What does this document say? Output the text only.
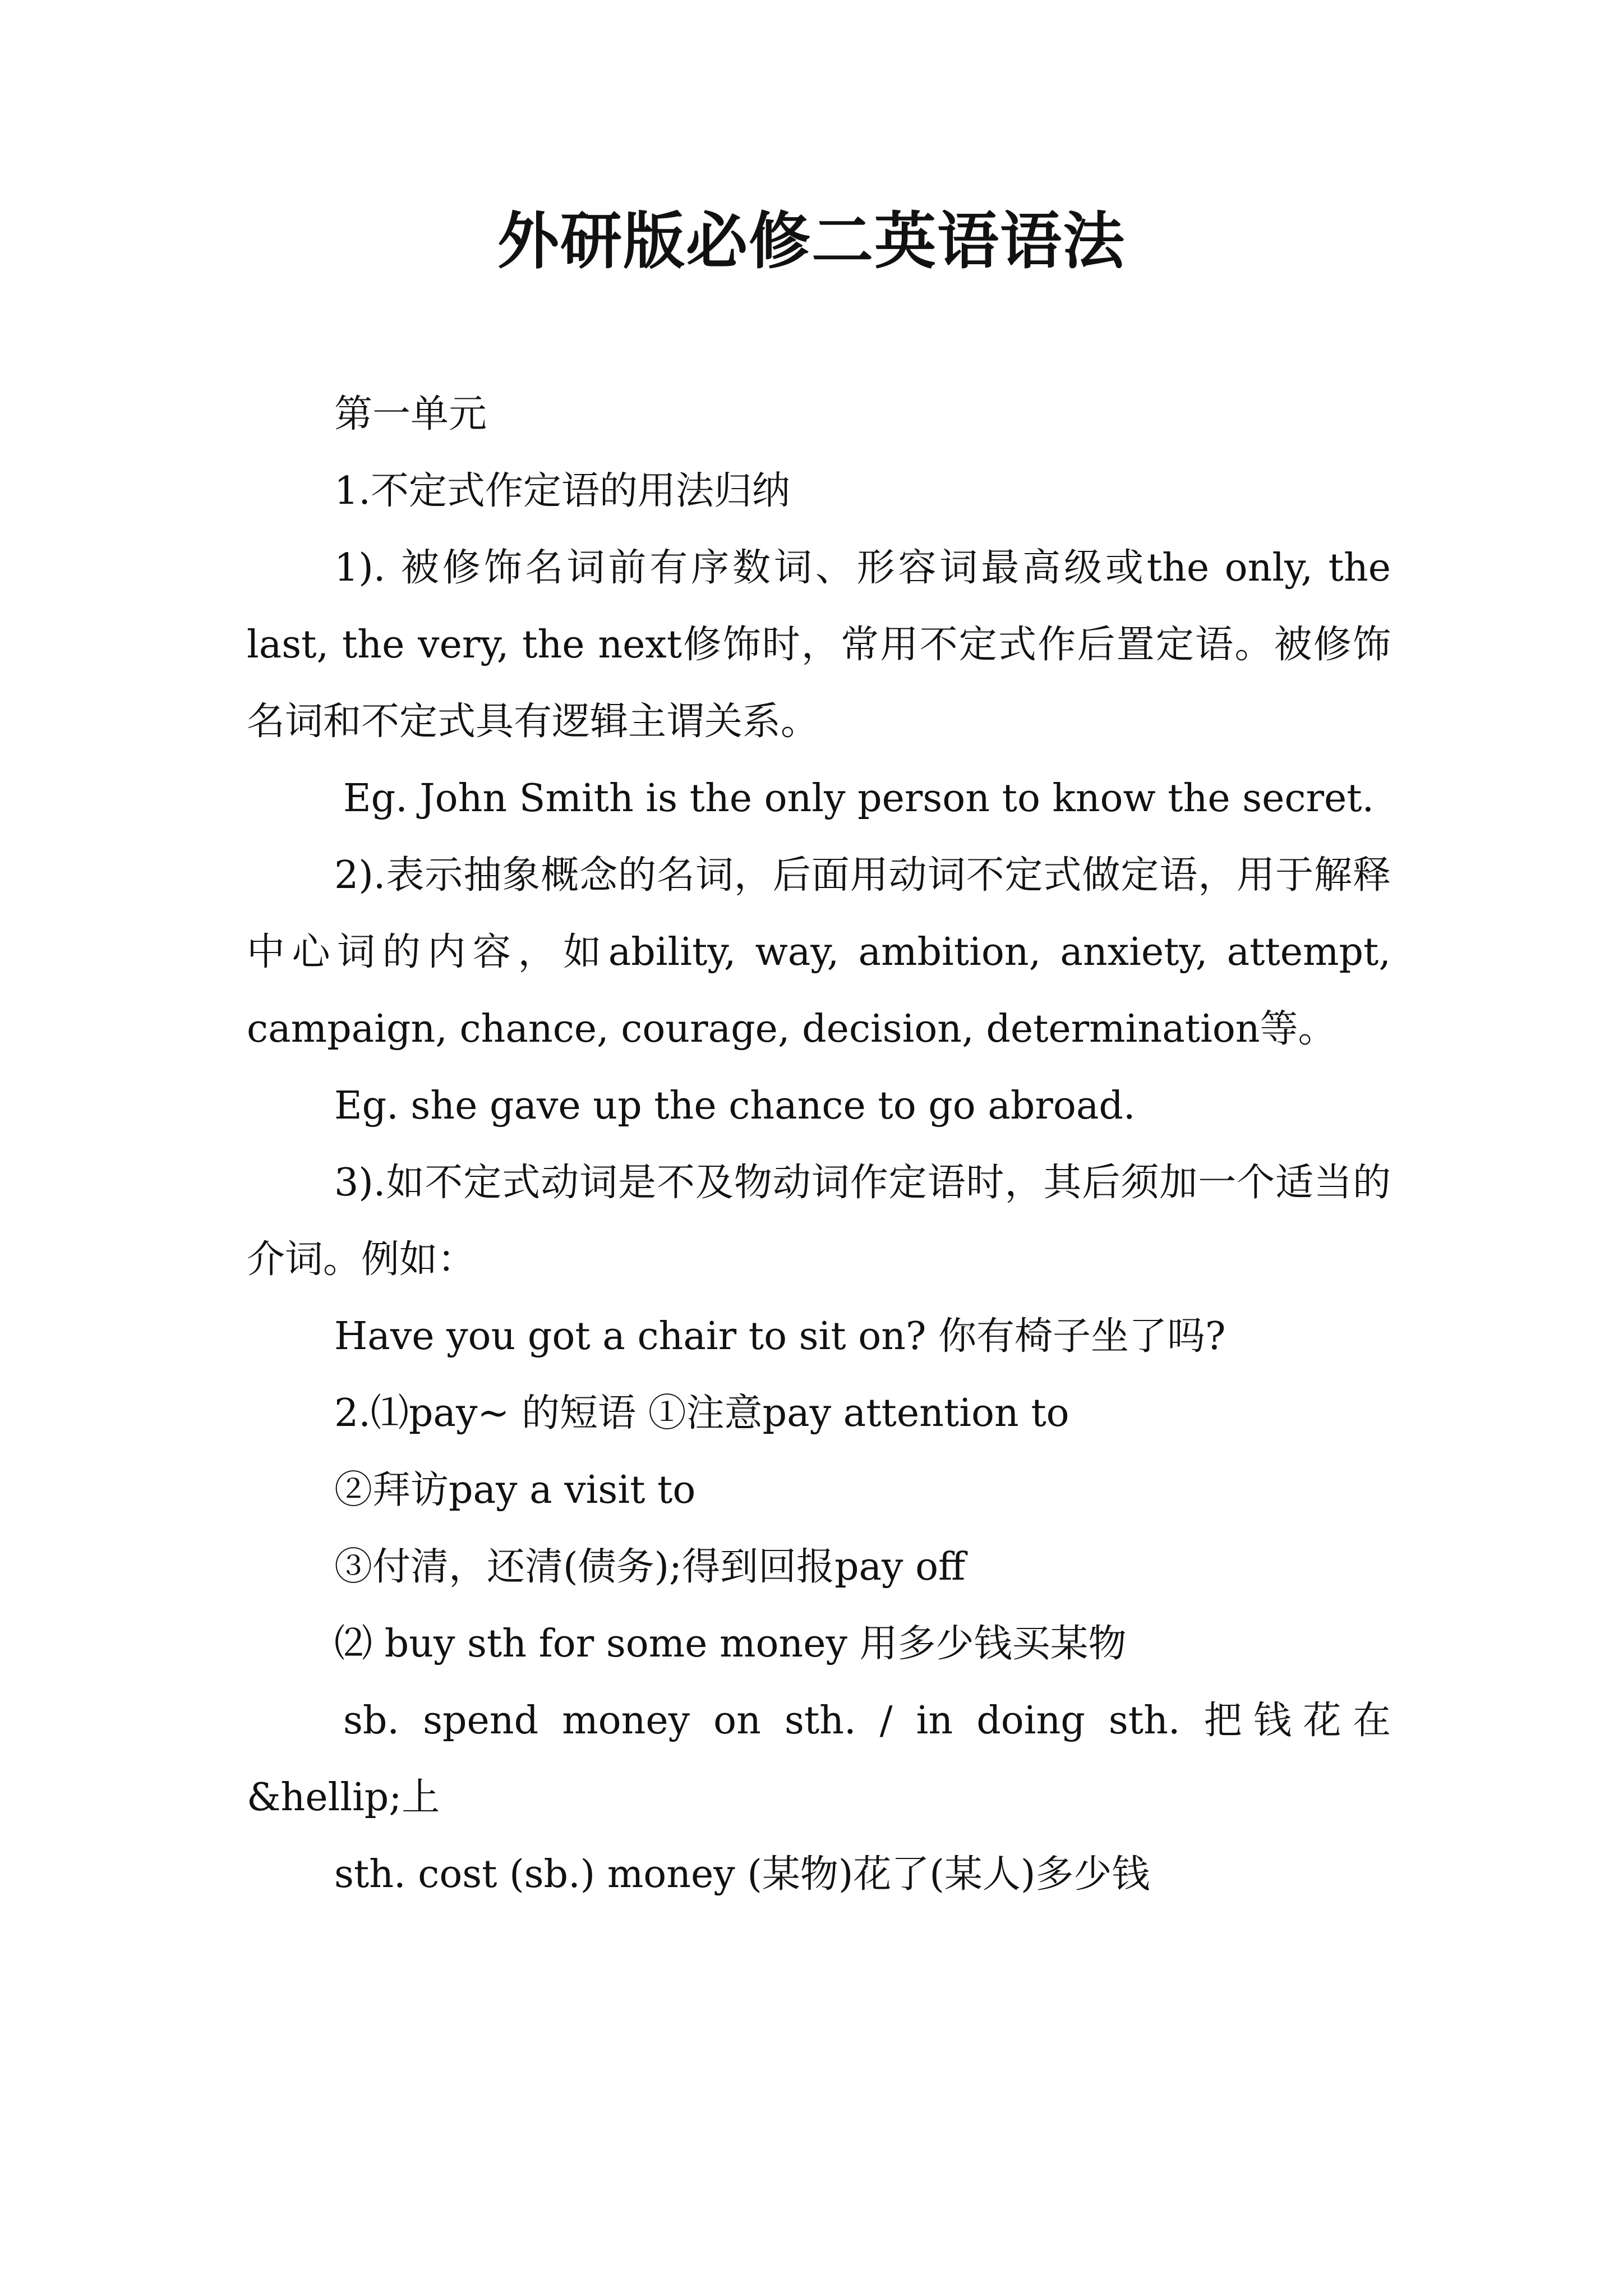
外研版必修二英语语法

第一单元

1.不定式作定语的用法归纳

1). 被修饰名词前有序数词、形容词最高级或the only, the last, the very, the next修饰时，常用不定式作后置定语。被修饰名词和不定式具有逻辑主谓关系。

Eg. John Smith is the only person to know the secret.

2).表示抽象概念的名词，后面用动词不定式做定语，用于解释中心词的内容，如ability, way, ambition, anxiety, attempt, campaign, chance, courage, decision, determination等。

Eg. she gave up the chance to go abroad.

3).如不定式动词是不及物动词作定语时，其后须加一个适当的介词。例如：

Have you got a chair to sit on? 你有椅子坐了吗?

2.⑴pay~ 的短语 ①注意pay attention to

②拜访pay a visit to

③付清，还清(债务);得到回报pay off

⑵ buy sth for some money 用多少钱买某物

sb. spend money on sth. / in doing sth. 把钱花在&hellip;上

sth. cost (sb.) money (某物)花了(某人)多少钱
